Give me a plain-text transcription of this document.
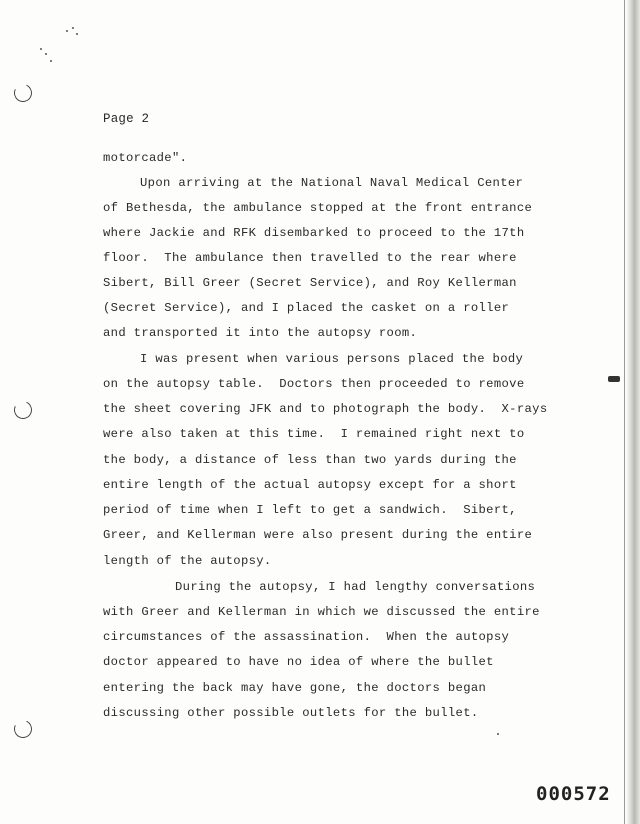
Page 2
motorcade".
Upon arriving at the National Naval Medical Center
of Bethesda, the ambulance stopped at the front entrance
where Jackie and RFK disembarked to proceed to the 17th
floor.  The ambulance then travelled to the rear where
Sibert, Bill Greer (Secret Service), and Roy Kellerman
(Secret Service), and I placed the casket on a roller
and transported it into the autopsy room.
I was present when various persons placed the body
on the autopsy table.  Doctors then proceeded to remove
the sheet covering JFK and to photograph the body.  X-rays
were also taken at this time.  I remained right next to
the body, a distance of less than two yards during the
entire length of the actual autopsy except for a short
period of time when I left to get a sandwich.  Sibert,
Greer, and Kellerman were also present during the entire
length of the autopsy.
During the autopsy, I had lengthy conversations
with Greer and Kellerman in which we discussed the entire
circumstances of the assassination.  When the autopsy
doctor appeared to have no idea of where the bullet
entering the back may have gone, the doctors began
discussing other possible outlets for the bullet.
000572
